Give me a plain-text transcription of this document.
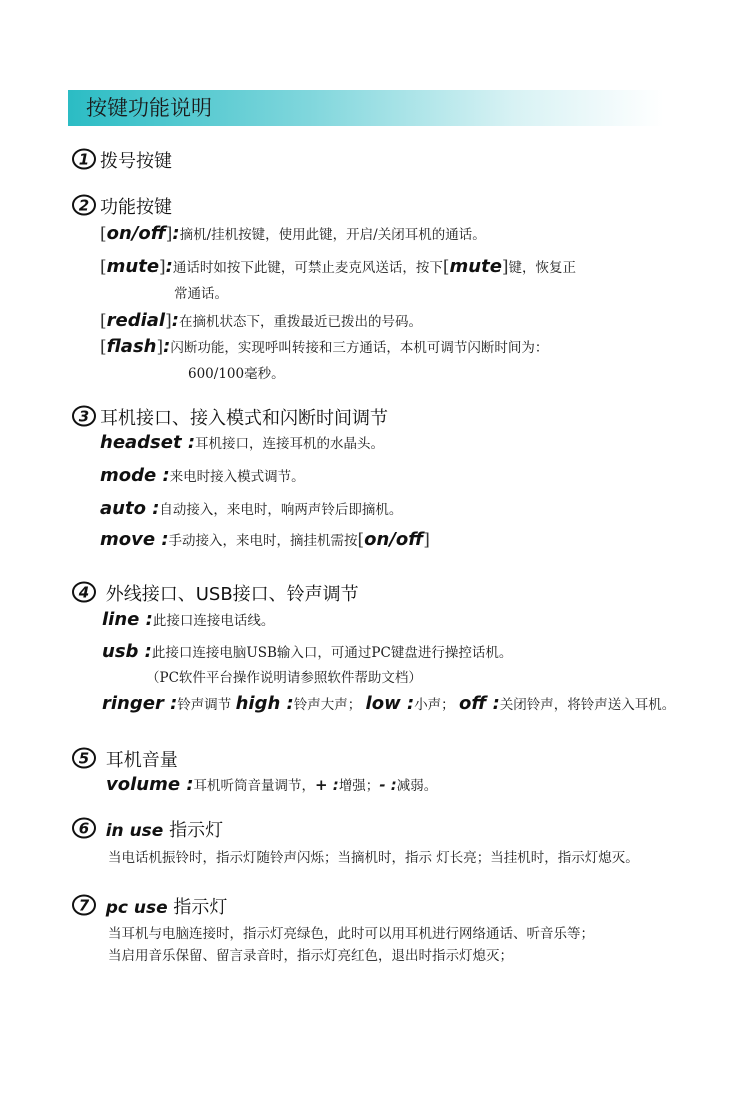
按键功能说明
1 拨号按键
2 功能按键
[on/off]:摘机/挂机按键，使用此键，开启/关闭耳机的通话。
[mute]:通话时如按下此键，可禁止麦克风送话，按下[mute]键，恢复正
常通话。
[redial]:在摘机状态下，重拨最近已拨出的号码。
[flash]:闪断功能，实现呼叫转接和三方通话，本机可调节闪断时间为：
600/100毫秒。
3 耳机接口、接入模式和闪断时间调节
headset :耳机接口，连接耳机的水晶头。
mode :来电时接入模式调节。
auto :自动接入，来电时，响两声铃后即摘机。
move :手动接入，来电时，摘挂机需按[on/off]
4 外线接口、USB接口、铃声调节
line :此接口连接电话线。
usb :此接口连接电脑USB输入口，可通过PC键盘进行操控话机。
（PC软件平台操作说明请参照软件帮助文档）
ringer :铃声调节 high :铃声大声； low :小声； off :关闭铃声，将铃声送入耳机。
5 耳机音量
volume :耳机听筒音量调节，+ :增强；- :减弱。
6 in use 指示灯
当电话机振铃时，指示灯随铃声闪烁；当摘机时，指示 灯长亮；当挂机时，指示灯熄灭。
7 pc use 指示灯
当耳机与电脑连接时，指示灯亮绿色，此时可以用耳机进行网络通话、听音乐等；
当启用音乐保留、留言录音时，指示灯亮红色，退出时指示灯熄灭；
